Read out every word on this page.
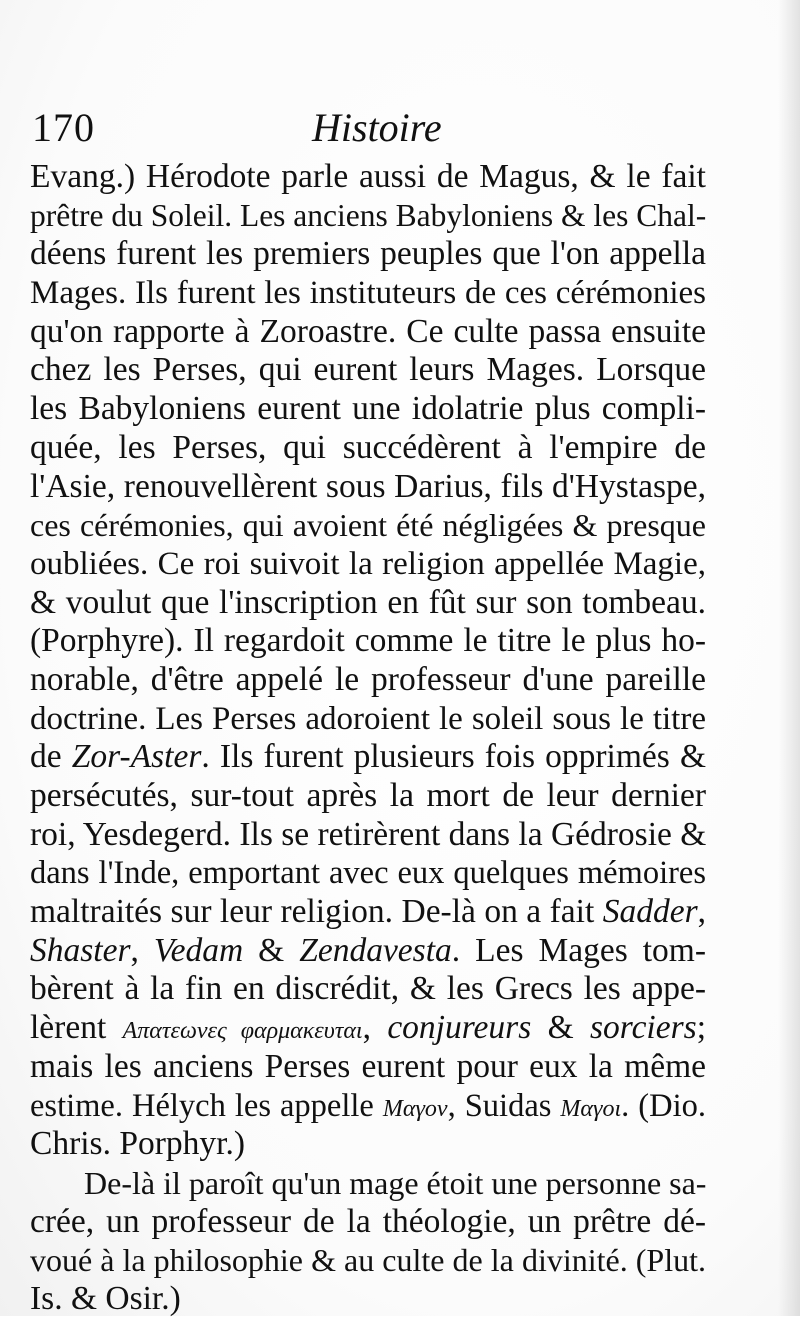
170	Histoire
Evang.) Hérodote parle aussi de Magus, & le fait
prêtre du Soleil. Les anciens Babyloniens & les Chal-
déens furent les premiers peuples que l'on appella
Mages. Ils furent les instituteurs de ces cérémonies
qu'on rapporte à Zoroastre. Ce culte passa ensuite
chez les Perses, qui eurent leurs Mages. Lorsque
les Babyloniens eurent une idolatrie plus compli-
quée, les Perses, qui succédèrent à l'empire de
l'Asie, renouvellèrent sous Darius, fils d'Hystaspe,
ces cérémonies, qui avoient été négligées & presque
oubliées. Ce roi suivoit la religion appellée Magie,
& voulut que l'inscription en fût sur son tombeau.
(Porphyre). Il regardoit comme le titre le plus ho-
norable, d'être appelé le professeur d'une pareille
doctrine. Les Perses adoroient le soleil sous le titre
de Zor-Aster. Ils furent plusieurs fois opprimés &
persécutés, sur-tout après la mort de leur dernier
roi, Yesdegerd. Ils se retirèrent dans la Gédrosie &
dans l'Inde, emportant avec eux quelques mémoires
maltraités sur leur religion. De-là on a fait Sadder,
Shaster, Vedam & Zendavesta. Les Mages tom-
bèrent à la fin en discrédit, & les Grecs les appe-
lèrent Απατεωνες φαρμακευται, conjureurs & sorciers;
mais les anciens Perses eurent pour eux la même
estime. Hélych les appelle Μαγον, Suidas Μαγοι. (Dio.
Chris. Porphyr.)
De-là il paroît qu'un mage étoit une personne sa-
crée, un professeur de la théologie, un prêtre dé-
voué à la philosophie & au culte de la divinité. (Plut.
Is. & Osir.)
